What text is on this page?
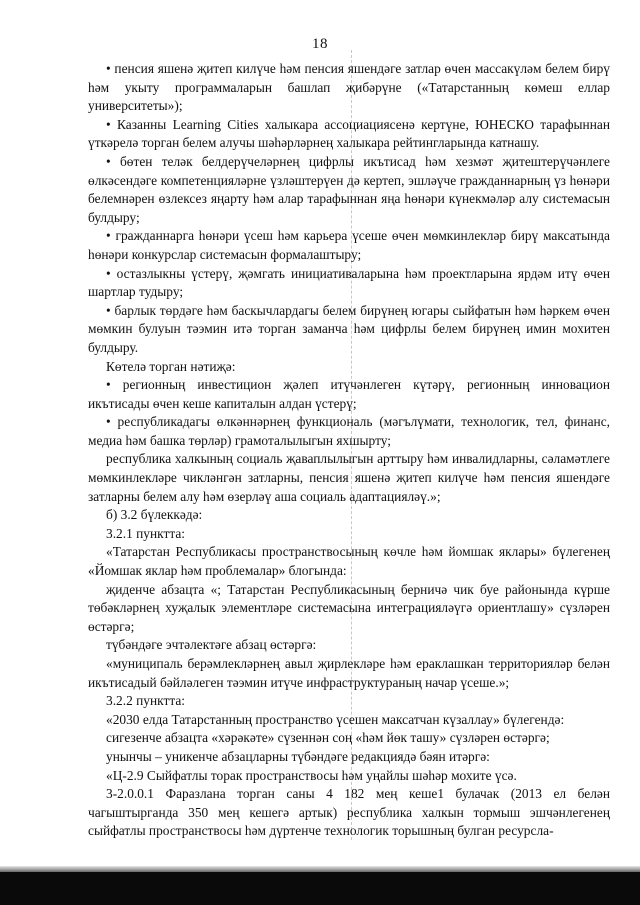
18

• пенсия яшенә җитеп килүче һәм пенсия яшендәге затлар өчен массакүләм белем бирү һәм укыту программаларын башлап җибәрүне («Татарстанның көмеш еллар университеты»);

• Казанны Learning Cities халыкара ассоциациясенә кертүне, ЮНЕСКО тарафыннан үткәрелә торган белем алучы шәһәрләрнең халыкара рейтингларында катнашу.

• бөтен теләк белдерүчеләрнең цифрлы икътисад һәм хезмәт җитештерүчәнлеге өлкәсендәге компетенцияләрне үзләштерүен дә кертеп, эшләүче гражданнарның үз һөнәри белемнәрен өзлексез яңарту һәм алар тарафыннан яңа һөнәри күнекмәләр алу системасын булдыру;

• гражданнарга һөнәри үсеш һәм карьера үсеше өчен мөмкинлекләр бирү максатында һөнәри конкурслар системасын формалаштыру;

• остазлыкны үстерү, җәмгать инициативаларына һәм проектларына ярдәм итү өчен шартлар тудыру;

• барлык төрдәге һәм баскычлардагы белем бирүнең югары сыйфатын һәм һәркем өчен мөмкин булуын тәэмин итә торган заманча һәм цифрлы белем бирүнең имин мохитен булдыру.

Көтелә торган нәтиҗә:

• регионның инвестицион җәлеп итүчәнлеген күтәрү, регионның инновацион икътисады өчен кеше капиталын алдан үстерү;

• республикадагы өлкәннәрнең функциональ (мәгълүмати, технологик, тел, финанс, медиа һәм башка төрләр) грамоталылыгын яхшырту;

республика халкының социаль җаваплылыгын арттыру һәм инвалидларны, сәламәтлеге мөмкинлекләре чикләнгән затларны, пенсия яшенә җитеп килүче һәм пенсия яшендәге затларны белем алу һәм өзерләү аша социаль адаптацияләү.»;

б) 3.2 бүлеккәдә:

3.2.1 пунктта:

«Татарстан Республикасы пространствосының көчле һәм йомшак яклары» бүлегенең «Йомшак яклар һәм проблемалар» блогында:

җиденче абзацта «; Татарстан Республикасының берничә чик буе районында күрше төбәкләрнең хуҗалык элементләре системасына интеграцияләүгә ориентлашу» сүзләрен өстәргә;

түбәндәге эчтәлектәге абзац өстәргә:

«муниципаль берәмлекләрнең авыл җирлекләре һәм ераклашкан территорияләр белән икътисадый бәйләлеген тәэмин итүче инфраструктураның начар үсеше.»;

3.2.2 пунктта:

«2030 елда Татарстанның пространство үсешен максатчан күзаллау» бүлегендә:

сигезенче абзацта «хәрәкәте» сүзеннән соң «һәм йөк ташу» сүзләрен өстәргә;

унынчы – уникенче абзацларны түбәндәге редакциядә бәян итәргә:

«Ц-2.9 Сыйфатлы торак пространствосы һәм уңайлы шәһәр мохите үсә.

3-2.0.0.1 Фаразлана торган саны 4 182 мең кеше1 булачак (2013 ел белән чагыштырганда 350 мең кешегә артык) республика халкын тормыш эшчәнлегенең сыйфатлы пространствосы һәм дүртенче технологик торышның булган ресурсла-
